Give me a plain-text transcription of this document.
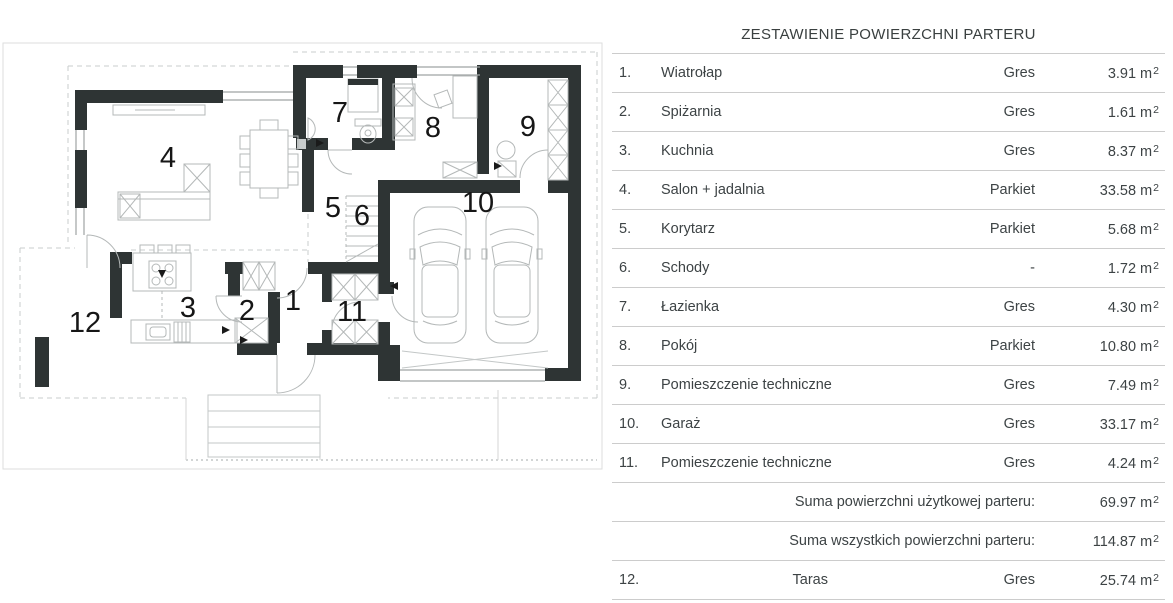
1
2
3
4
5 6
7	8	9
10
11
12
ZESTAWIENIE POWIERZCHNI PARTERU
1.	Wiatrołap	Gres	3.91 $m^2$
2.	Spiżarnia	Gres	1.61 $m^2$
3.	Kuchnia	Gres	8.37 $m^2$
4.	Salon + jadalnia	Parkiet	33.58 $m^2$
5.	Korytarz	Parkiet	5.68 $m^2$
6.	Schody	-	1.72 $m^2$
7.	Łazienka	Gres	4.30 $m^2$
8.	Pokój	Parkiet	10.80 $m^2$
9.	Pomieszczenie techniczne	Gres	7.49 $m^2$
10.	Garaż	Gres	33.17 $m^2$
11.	Pomieszczenie techniczne	Gres	4.24 $m^2$
Suma powierzchni użytkowej parteru:	69.97 $m^2$
Suma wszystkich powierzchni parteru:	114.87 $m^2$
12.	Taras	Gres	25.74 $m^2$
